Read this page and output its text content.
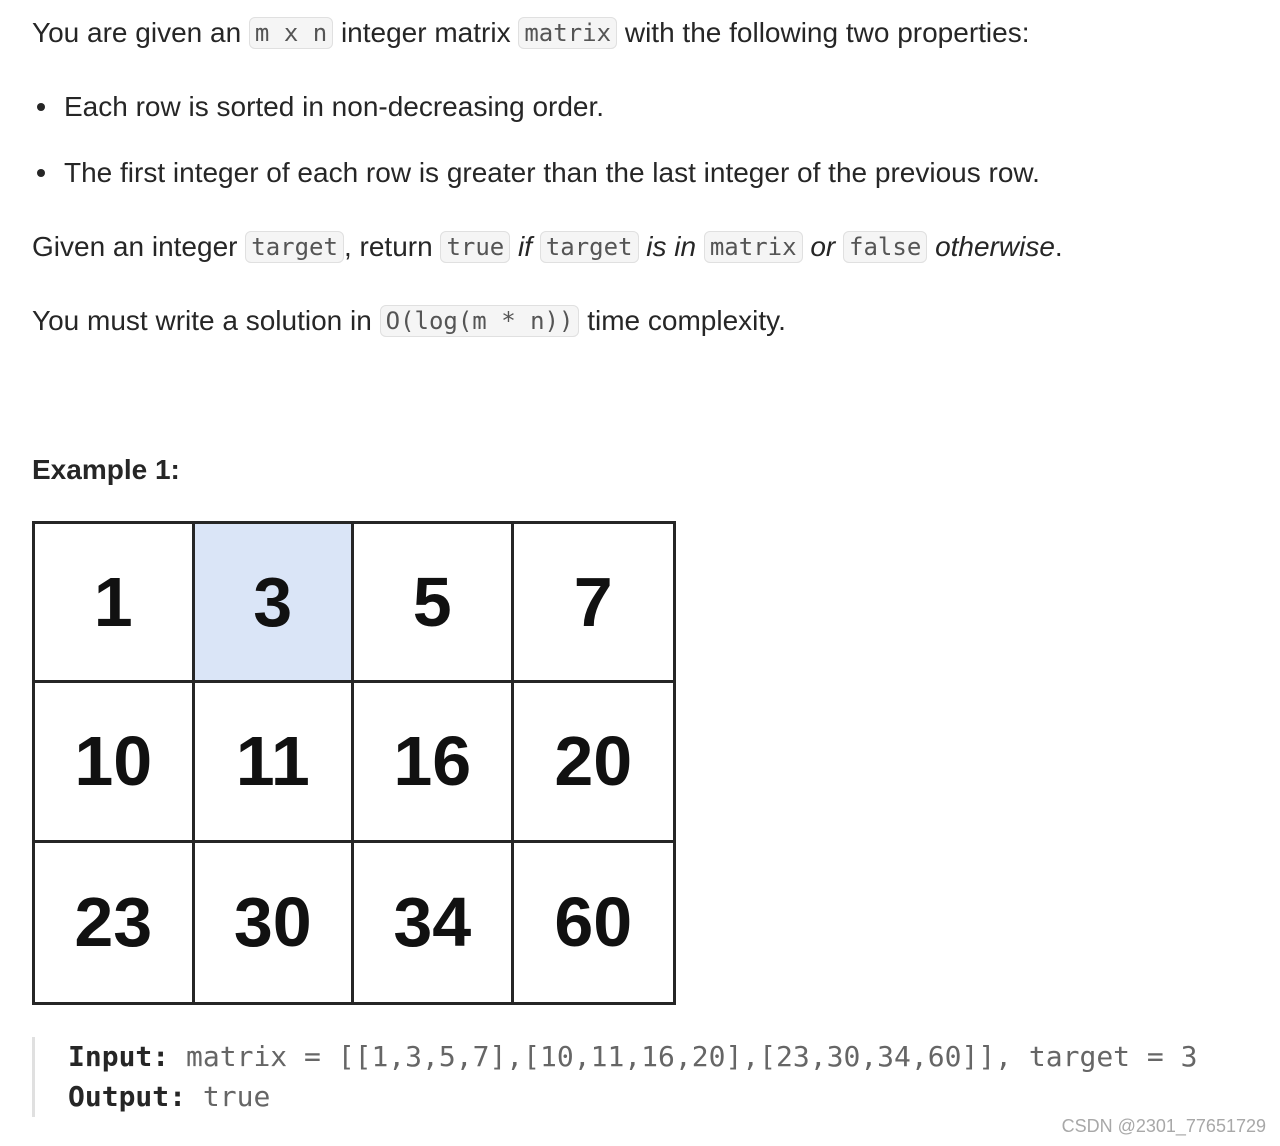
You are given an m x n integer matrix matrix with the following two properties:
Each row is sorted in non-decreasing order.
The first integer of each row is greater than the last integer of the previous row.
Given an integer target , return true if target is in matrix or false otherwise.
You must write a solution in O(log(m * n)) time complexity.
Example 1:
1	3	5	7
10	11	16	20
23	30	34	60
Input: matrix = [[1,3,5,7],[10,11,16,20],[23,30,34,60]], target = 3
Output: true
CSDN @2301_77651729
